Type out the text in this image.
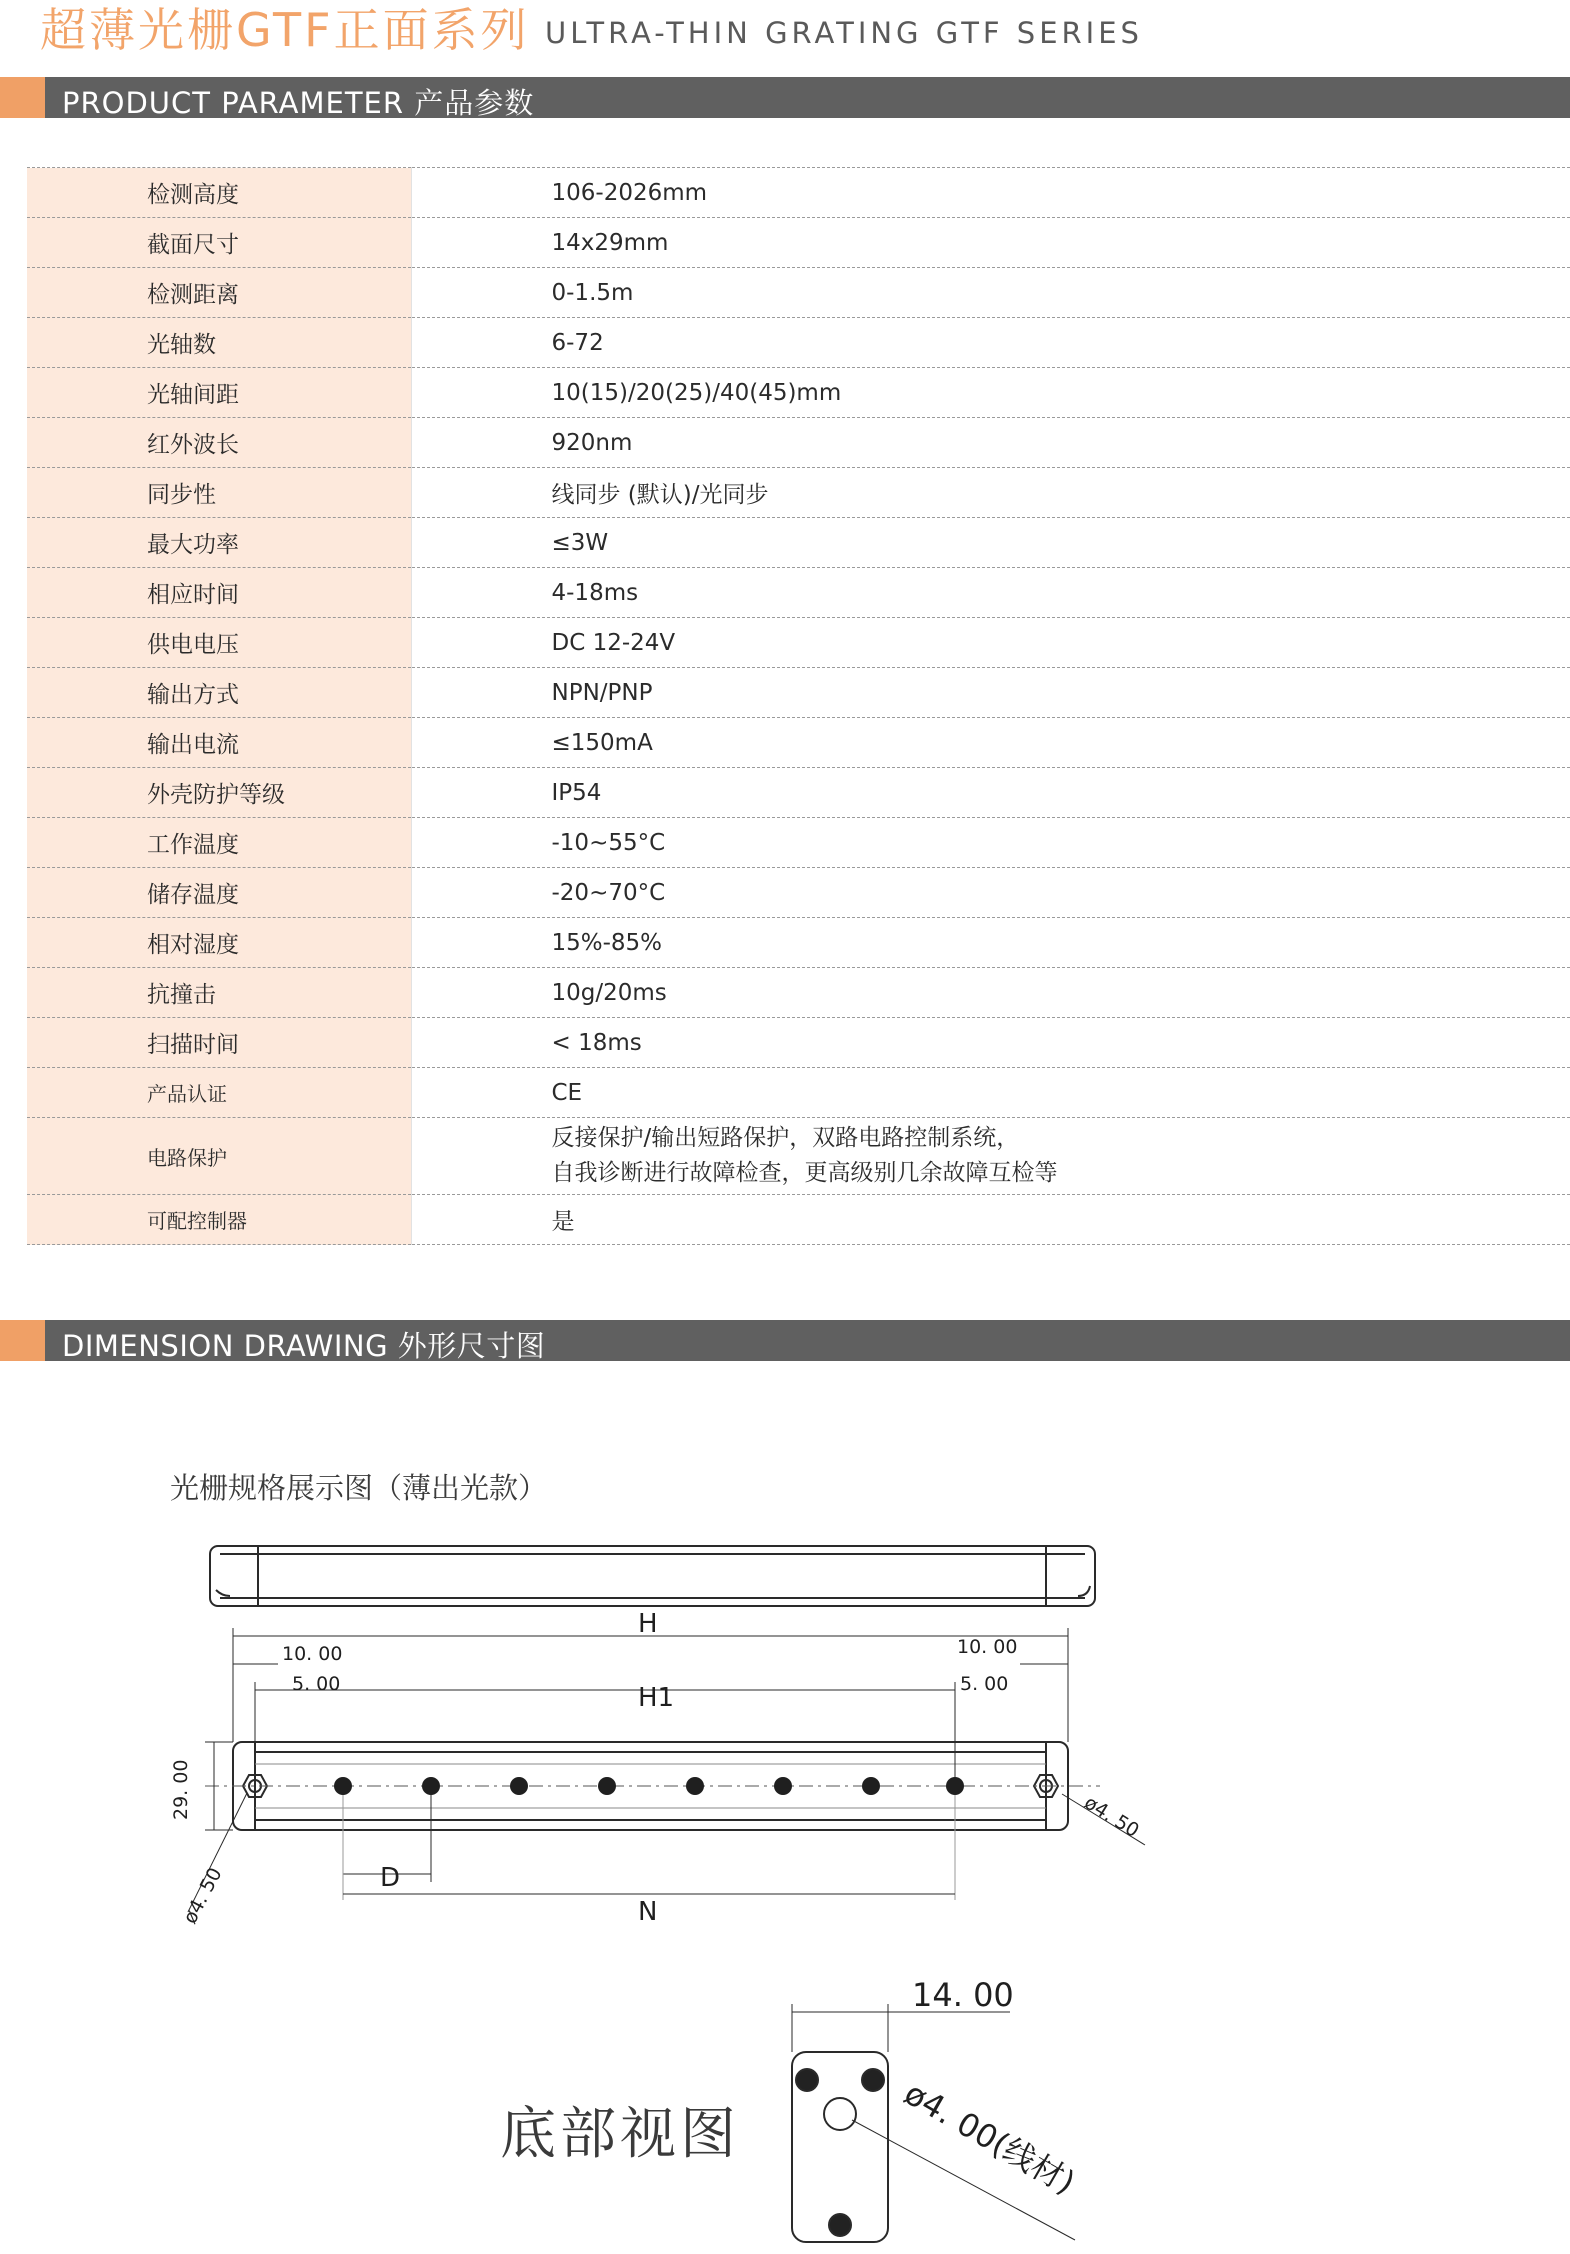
超薄光栅GTF正面系列 ULTRA-THIN GRATING GTF SERIES
PRODUCT PARAMETER 产品参数
检测高度	106-2026mm
截面尺寸	14x29mm
检测距离	0-1.5m
光轴数	6-72
光轴间距	10(15)/20(25)/40(45)mm
红外波长	920nm
同步性	线同步 (默认)/光同步
最大功率	≤3W
相应时间	4-18ms
供电电压	DC 12-24V
输出方式	NPN/PNP
输出电流	≤150mA
外壳防护等级	IP54
工作温度	-10~55°C
储存温度	-20~70°C
相对湿度	15%-85%
抗撞击	10g/20ms
扫描时间	< 18ms
产品认证	CE
电路保护	反接保护/输出短路保护，双路电路控制系统，
自我诊断进行故障检查，更高级别几余故障互检等

可配控制器	是
DIMENSION DRAWING 外形尺寸图
光栅规格展示图（薄出光款）
底部视图
H
H1
D
N
10. 00	10. 00
5. 00	5. 00
29. 00
ø4. 50
ø4. 50
14. 00
ø4. 00(线材)
